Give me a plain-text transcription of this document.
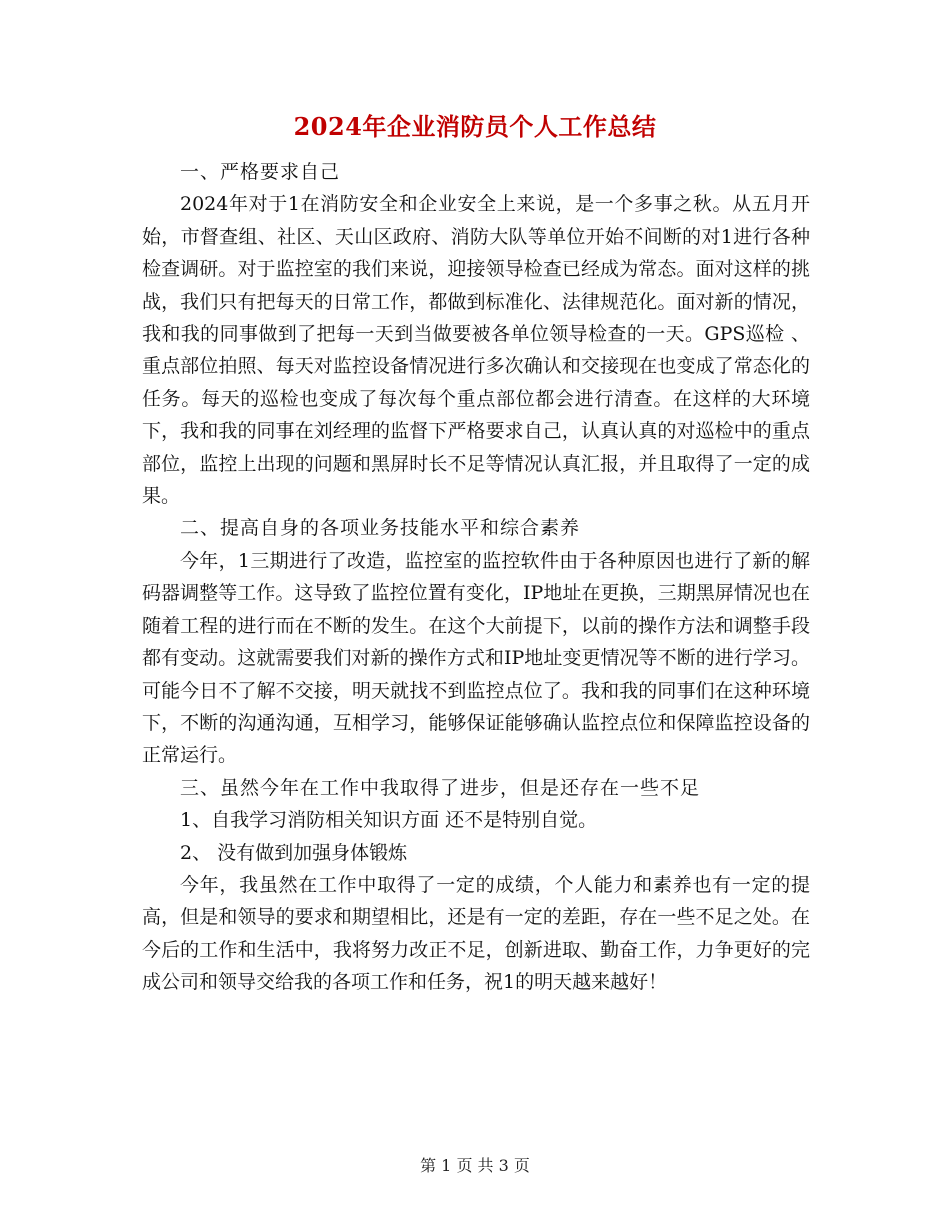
2024年企业消防员个人工作总结

一、严格要求自己

2024年对于1在消防安全和企业安全上来说，是一个多事之秋。从五月开始，市督查组、社区、天山区政府、消防大队等单位开始不间断的对1进行各种检查调研。对于监控室的我们来说，迎接领导检查已经成为常态。面对这样的挑战，我们只有把每天的日常工作，都做到标准化、法律规范化。面对新的情况，我和我的同事做到了把每一天到当做要被各单位领导检查的一天。GPS巡检 、重点部位拍照、每天对监控设备情况进行多次确认和交接现在也变成了常态化的任务。每天的巡检也变成了每次每个重点部位都会进行清查。在这样的大环境下，我和我的同事在刘经理的监督下严格要求自己，认真认真的对巡检中的重点部位，监控上出现的问题和黑屏时长不足等情况认真汇报，并且取得了一定的成果。

二、提高自身的各项业务技能水平和综合素养

今年，1三期进行了改造，监控室的监控软件由于各种原因也进行了新的解码器调整等工作。这导致了监控位置有变化，IP地址在更换，三期黑屏情况也在随着工程的进行而在不断的发生。在这个大前提下，以前的操作方法和调整手段都有变动。这就需要我们对新的操作方式和IP地址变更情况等不断的进行学习。可能今日不了解不交接，明天就找不到监控点位了。我和我的同事们在这种环境下，不断的沟通沟通，互相学习，能够保证能够确认监控点位和保障监控设备的正常运行。

三、虽然今年在工作中我取得了进步，但是还存在一些不足

1、自我学习消防相关知识方面 还不是特别自觉。

2、 没有做到加强身体锻炼

今年，我虽然在工作中取得了一定的成绩，个人能力和素养也有一定的提高，但是和领导的要求和期望相比，还是有一定的差距，存在一些不足之处。在今后的工作和生活中，我将努力改正不足，创新进取、勤奋工作，力争更好的完成公司和领导交给我的各项工作和任务，祝1的明天越来越好！

第 1 页 共 3 页
